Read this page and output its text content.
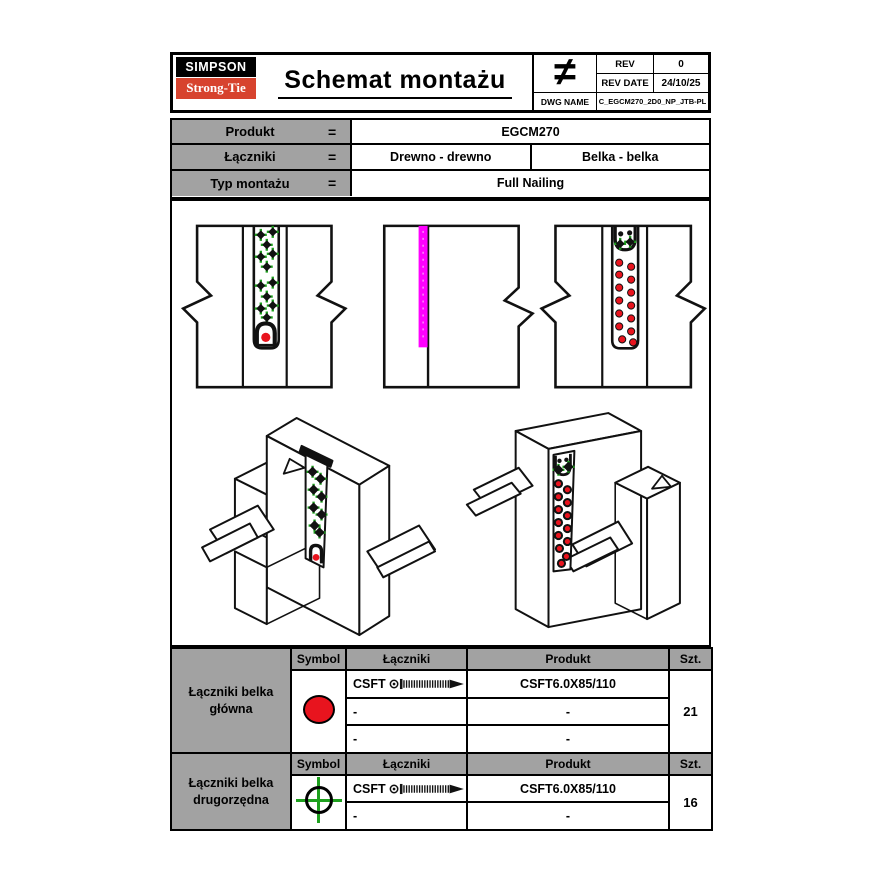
SIMPSON
Strong-Tie	Schemat montażu	≠	REV	0
REV DATE	24/10/25
DWG NAME	C_EGCM270_2D0_NP_JTB-PL
Produkt	=	EGCM270
Łączniki	=	Drewno - drewno	Belka - belka
Typ montażu	=	Full Nailing
Łączniki belka główna	Symbol	Łączniki	Produkt	Szt.

		CSFT	CSFT6.0X85/110	21
		-	-	
		-	-	
Łączniki belka drugorzędna	Symbol	Łączniki	Produkt	Szt.

		CSFT	CSFT6.0X85/110	16
		-	-	
